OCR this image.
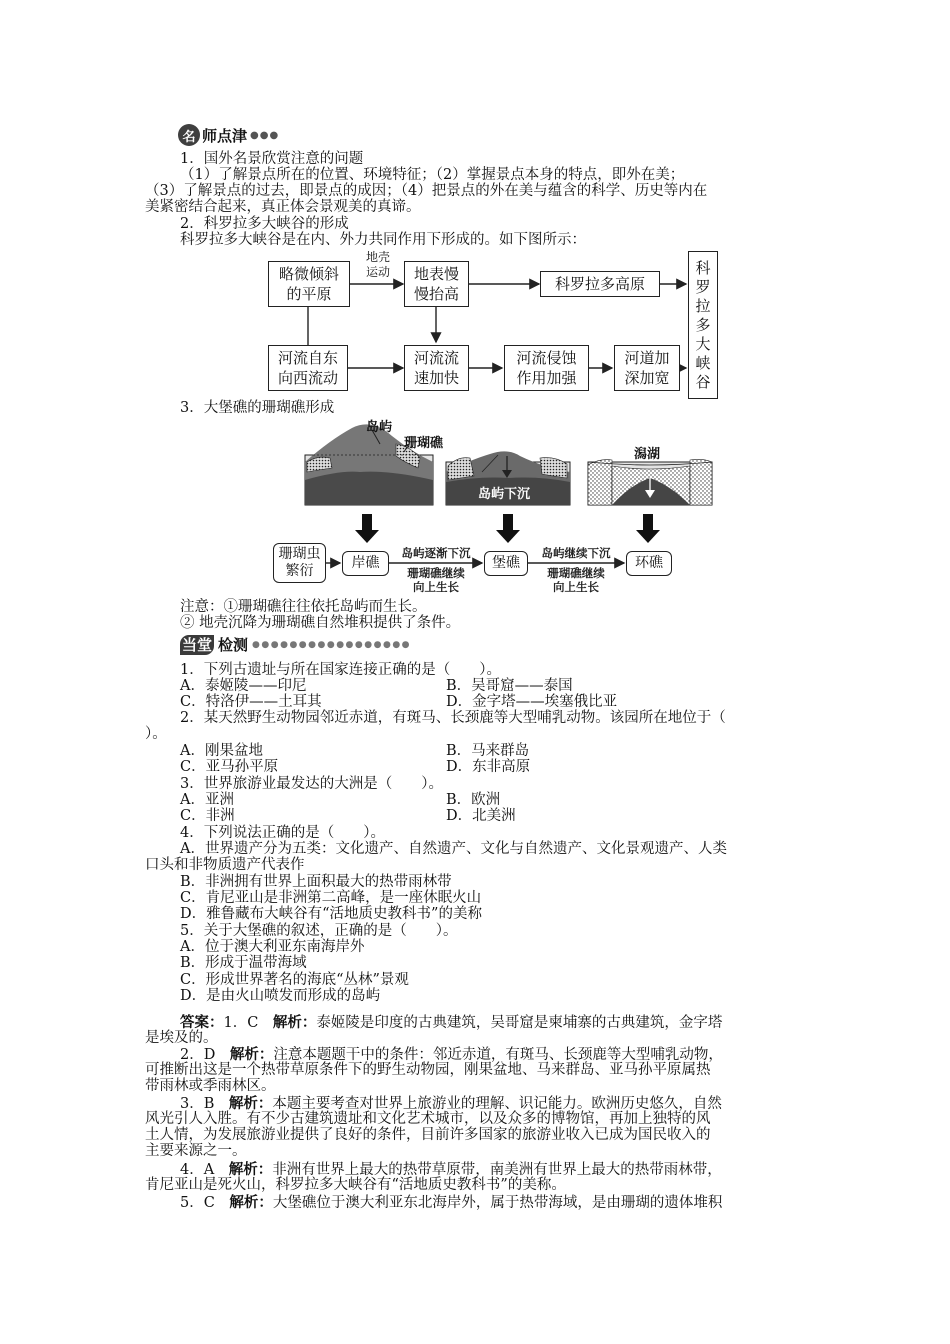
名 师点津 ●●●
1．国外名景欣赏注意的问题
（1）了解景点所在的位置、环境特征；（2）掌握景点本身的特点，即外在美；
（3）了解景点的过去，即景点的成因；（4）把景点的外在美与蕴含的科学、历史等内在
美紧密结合起来，真正体会景观美的真谛。
2．科罗拉多大峡谷的形成
科罗拉多大峡谷是在内、外力共同作用下形成的。如下图所示：
略微倾斜
的平原
地壳
运动	地表慢
慢抬高
科罗拉多高原
科
罗
拉
多
大
峡
谷
河流自东
向西流动
河流流
速加快
河流侵蚀
作用加强
河道加
深加宽
3．大堡礁的珊瑚礁形成
岛屿
珊瑚礁
岛屿下沉
潟湖
珊瑚虫
繁衍	岸礁
岛屿逐渐下沉
珊瑚礁继续
向上生长
堡礁
岛屿继续下沉
珊瑚礁继续
向上生长
环礁
注意：①珊瑚礁往往依托岛屿而生长。
② 地壳沉降为珊瑚礁自然堆积提供了条件。
当堂 检测 ●●●●●●●●●●●●●●●●●
1．下列古遗址与所在国家连接正确的是（　　）。
A．泰姬陵——印尼	B．吴哥窟——泰国
C．特洛伊——土耳其	D．金字塔——埃塞俄比亚
2．某天然野生动物园邻近赤道，有斑马、长颈鹿等大型哺乳动物。该园所在地位于（
）。
A．刚果盆地	B．马来群岛
C．亚马孙平原	D．东非高原
3．世界旅游业最发达的大洲是（　　）。
A．亚洲	B．欧洲
C．非洲	D．北美洲
4．下列说法正确的是（　　）。
A．世界遗产分为五类：文化遗产、自然遗产、文化与自然遗产、文化景观遗产、人类
口头和非物质遗产代表作
B．非洲拥有世界上面积最大的热带雨林带
C．肯尼亚山是非洲第二高峰，是一座休眠火山
D．雅鲁藏布大峡谷有“活地质史教科书”的美称
5．关于大堡礁的叙述，正确的是（　　）。
A．位于澳大利亚东南海岸外
B．形成于温带海域
C．形成世界著名的海底“丛林”景观
D．是由火山喷发而形成的岛屿
答案：1．C　 解析：泰姬陵是印度的古典建筑，吴哥窟是柬埔寨的古典建筑，金字塔
是埃及的。
2．D　 解析：注意本题题干中的条件：邻近赤道，有斑马、长颈鹿等大型哺乳动物，
可推断出这是一个热带草原条件下的野生动物园，刚果盆地、马来群岛、亚马孙平原属热
带雨林或季雨林区。
3．B　 解析：本题主要考查对世界上旅游业的理解、识记能力。欧洲历史悠久，自然
风光引人入胜。有不少古建筑遗址和文化艺术城市，以及众多的博物馆，再加上独特的风
土人情，为发展旅游业提供了良好的条件，目前许多国家的旅游业收入已成为国民收入的
主要来源之一。
4．A　 解析：非洲有世界上最大的热带草原带，南美洲有世界上最大的热带雨林带，
肯尼亚山是死火山，科罗拉多大峡谷有“活地质史教科书”的美称。
5．C　 解析：大堡礁位于澳大利亚东北海岸外，属于热带海域，是由珊瑚的遗体堆积
